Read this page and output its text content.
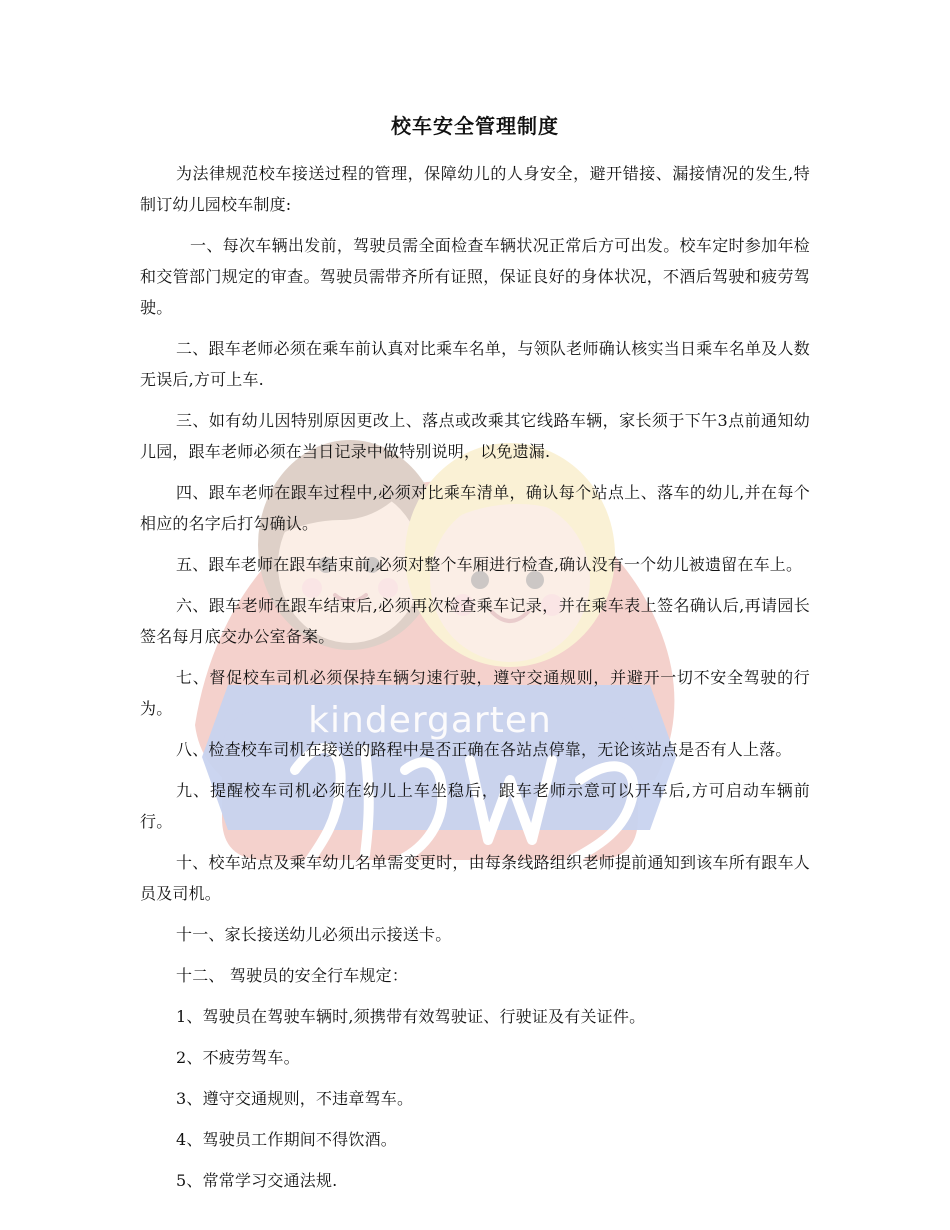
kindergarten
校车安全管理制度

为法律规范校车接送过程的管理，保障幼儿的人身安全，避开错接、漏接情况的发生,特制订幼儿园校车制度:

一、每次车辆出发前，驾驶员需全面检查车辆状况正常后方可出发。校车定时参加年检和交管部门规定的审查。驾驶员需带齐所有证照，保证良好的身体状况，不酒后驾驶和疲劳驾驶。

二、跟车老师必须在乘车前认真对比乘车名单，与领队老师确认核实当日乘车名单及人数无误后,方可上车.

三、如有幼儿因特别原因更改上、落点或改乘其它线路车辆，家长须于下午3点前通知幼儿园，跟车老师必须在当日记录中做特别说明，以免遗漏.

四、跟车老师在跟车过程中,必须对比乘车清单，确认每个站点上、落车的幼儿,并在每个相应的名字后打勾确认。

五、跟车老师在跟车结束前,必须对整个车厢进行检查,确认没有一个幼儿被遗留在车上。

六、跟车老师在跟车结束后,必须再次检查乘车记录，并在乘车表上签名确认后,再请园长签名每月底交办公室备案。

七、督促校车司机必须保持车辆匀速行驶，遵守交通规则，并避开一切不安全驾驶的行为。

八、检查校车司机在接送的路程中是否正确在各站点停靠，无论该站点是否有人上落。

九、提醒校车司机必须在幼儿上车坐稳后，跟车老师示意可以开车后,方可启动车辆前行。

十、校车站点及乘车幼儿名单需变更时，由每条线路组织老师提前通知到该车所有跟车人员及司机。

十一、家长接送幼儿必须出示接送卡。

十二、 驾驶员的安全行车规定：

1、驾驶员在驾驶车辆时,须携带有效驾驶证、行驶证及有关证件。

2、不疲劳驾车。

3、遵守交通规则，不违章驾车。

4、驾驶员工作期间不得饮酒。

5、常常学习交通法规.
